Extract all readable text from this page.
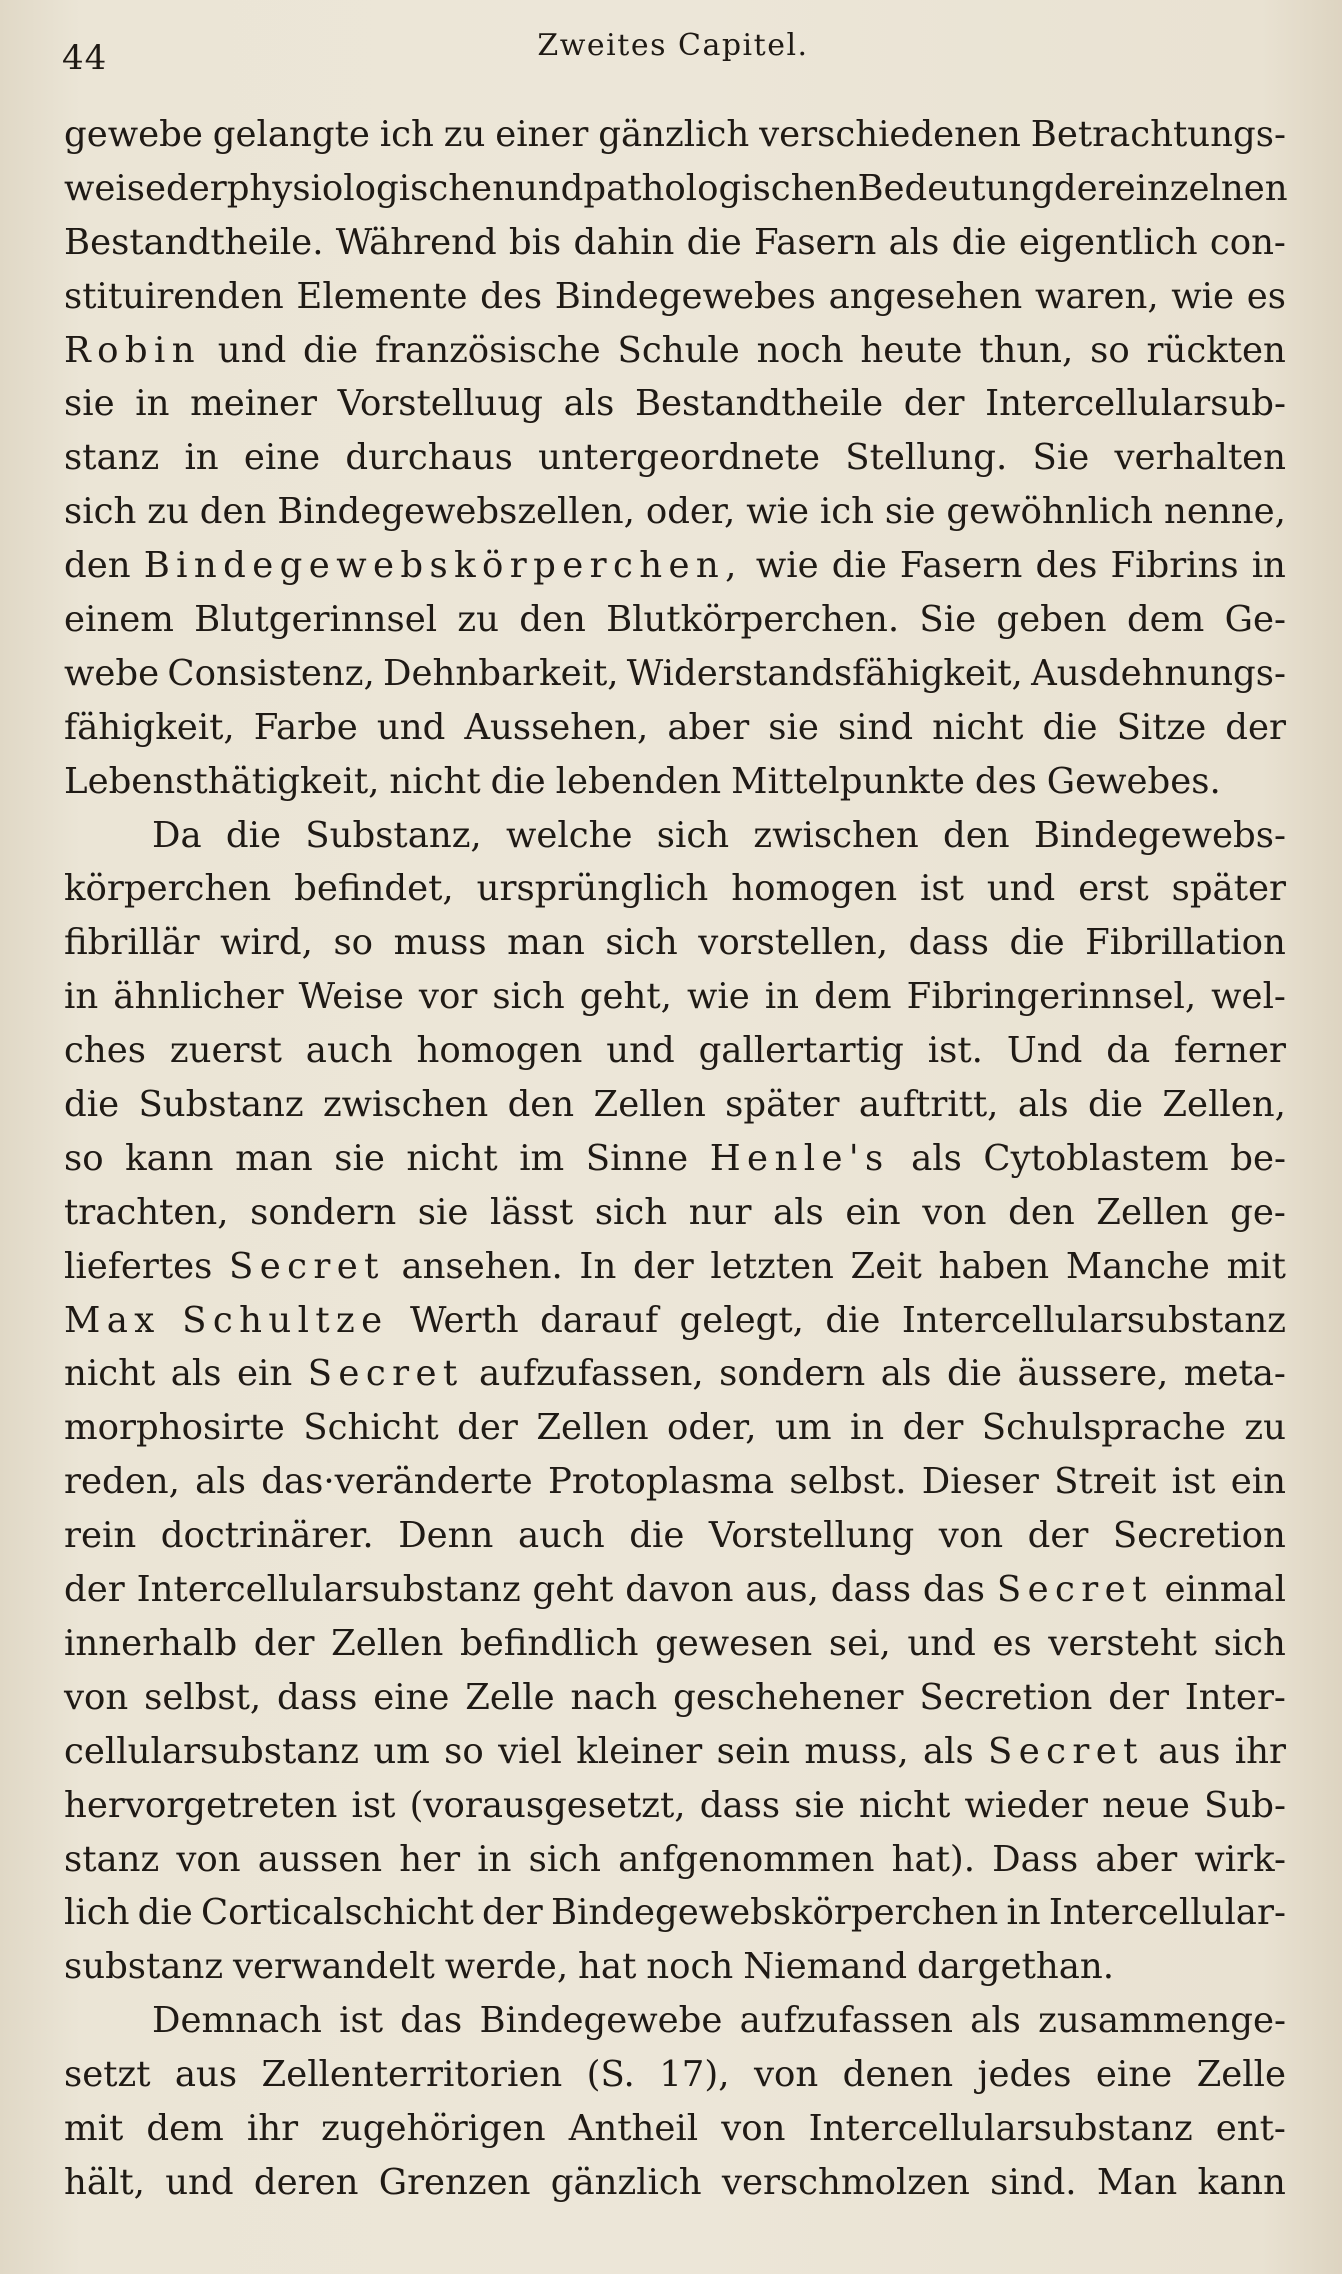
44	Zweites Capitel.
gewebe gelangte ich zu einer gänzlich verschiedenen Betrachtungs-
weise der physiologischen und pathologischen Bedeutung der einzelnen
Bestandtheile. Während bis dahin die Fasern als die eigentlich con-
stituirenden Elemente des Bindegewebes angesehen waren, wie es
Robin und die französische Schule noch heute thun, so rückten
sie in meiner Vorstelluug als Bestandtheile der Intercellularsub-
stanz in eine durchaus untergeordnete Stellung. Sie verhalten
sich zu den Bindegewebszellen, oder, wie ich sie gewöhnlich nenne,
den Bindegewebskörperchen, wie die Fasern des Fibrins in
einem Blutgerinnsel zu den Blutkörperchen. Sie geben dem Ge-
webe Consistenz, Dehnbarkeit, Widerstandsfähigkeit, Ausdehnungs-
fähigkeit, Farbe und Aussehen, aber sie sind nicht die Sitze der
Lebensthätigkeit, nicht die lebenden Mittelpunkte des Gewebes.
Da die Substanz, welche sich zwischen den Bindegewebs-
körperchen befindet, ursprünglich homogen ist und erst später
fibrillär wird, so muss man sich vorstellen, dass die Fibrillation
in ähnlicher Weise vor sich geht, wie in dem Fibringerinnsel, wel-
ches zuerst auch homogen und gallertartig ist. Und da ferner
die Substanz zwischen den Zellen später auftritt, als die Zellen,
so kann man sie nicht im Sinne Henle's als Cytoblastem be-
trachten, sondern sie lässt sich nur als ein von den Zellen ge-
liefertes Secret ansehen. In der letzten Zeit haben Manche mit
Max Schultze Werth darauf gelegt, die Intercellularsubstanz
nicht als ein Secret aufzufassen, sondern als die äussere, meta-
morphosirte Schicht der Zellen oder, um in der Schulsprache zu
reden, als das·veränderte Protoplasma selbst. Dieser Streit ist ein
rein doctrinärer. Denn auch die Vorstellung von der Secretion
der Intercellularsubstanz geht davon aus, dass das Secret einmal
innerhalb der Zellen befindlich gewesen sei, und es versteht sich
von selbst, dass eine Zelle nach geschehener Secretion der Inter-
cellularsubstanz um so viel kleiner sein muss, als Secret aus ihr
hervorgetreten ist (vorausgesetzt, dass sie nicht wieder neue Sub-
stanz von aussen her in sich anfgenommen hat). Dass aber wirk-
lich die Corticalschicht der Bindegewebskörperchen in Intercellular-
substanz verwandelt werde, hat noch Niemand dargethan.
Demnach ist das Bindegewebe aufzufassen als zusammenge-
setzt aus Zellenterritorien (S. 17), von denen jedes eine Zelle
mit dem ihr zugehörigen Antheil von Intercellularsubstanz ent-
hält, und deren Grenzen gänzlich verschmolzen sind. Man kann
